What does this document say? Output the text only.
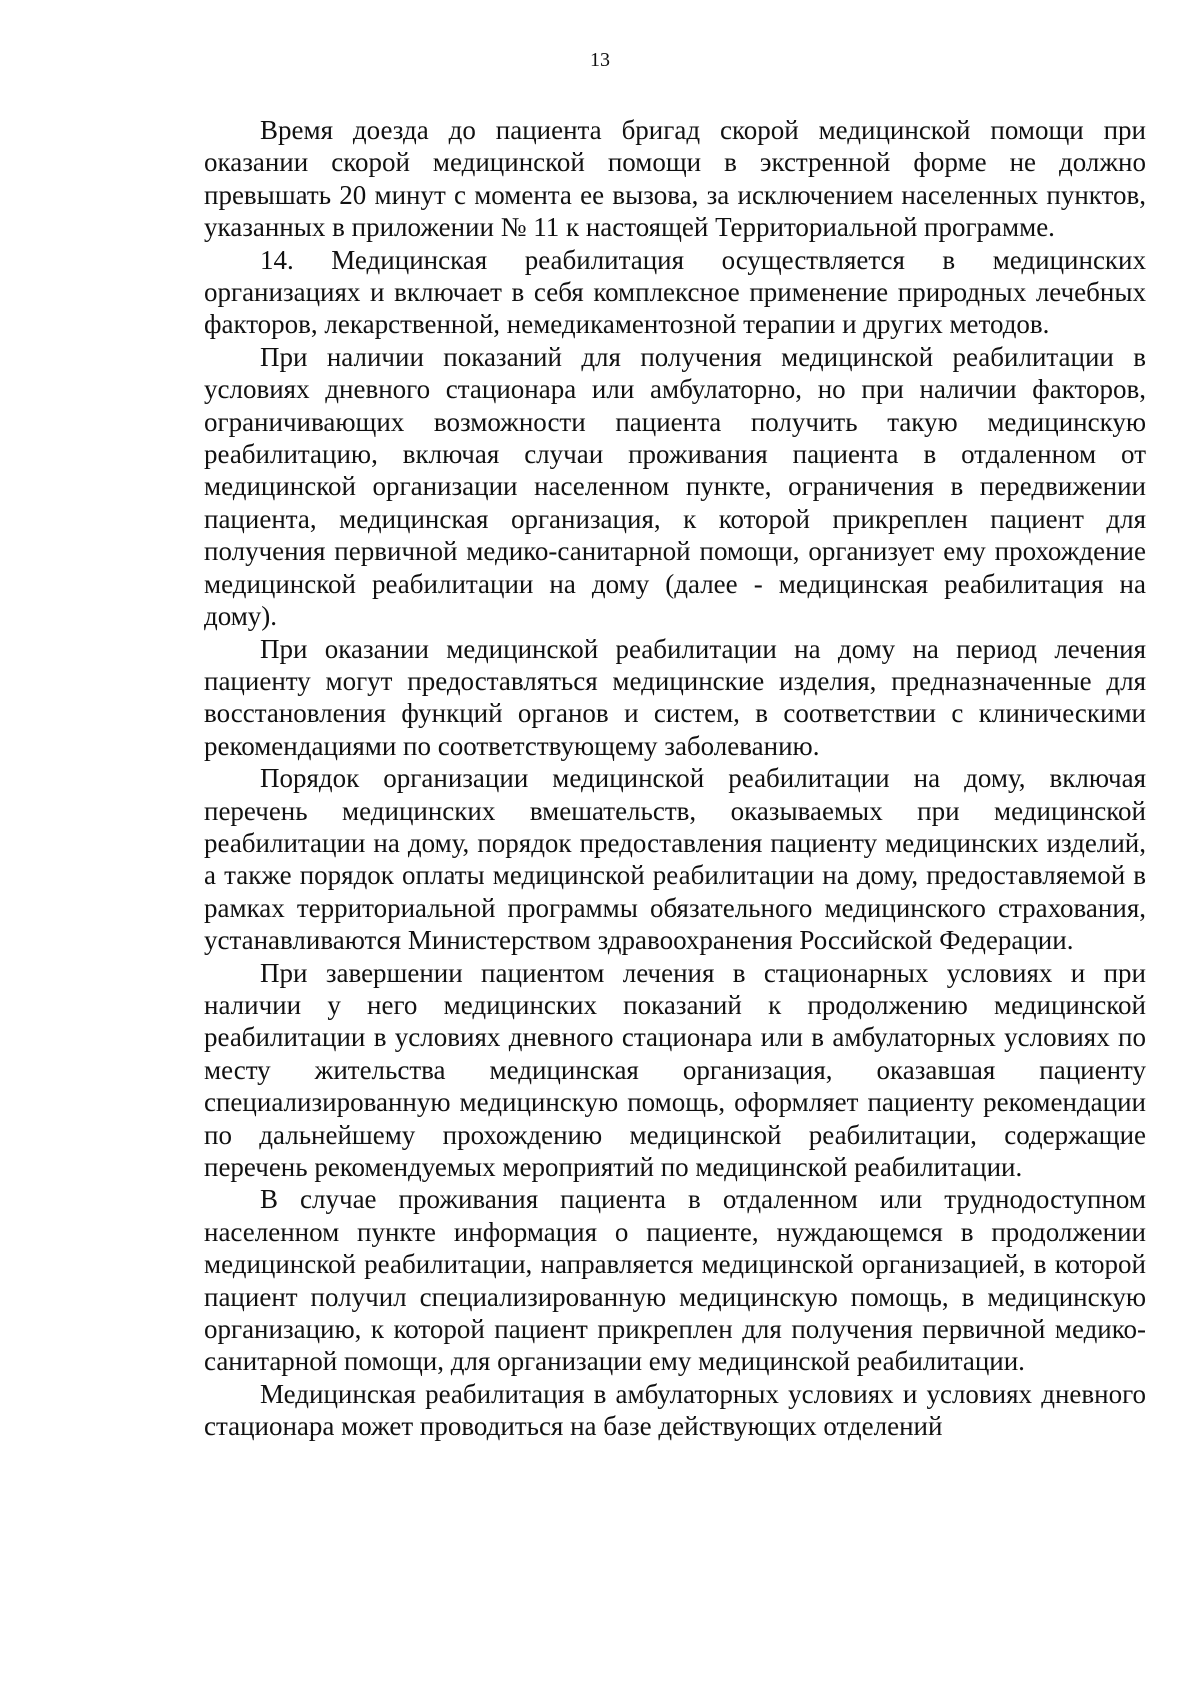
13

Время доезда до пациента бригад скорой медицинской помощи при оказании скорой медицинской помощи в экстренной форме не должно превышать 20 минут с момента ее вызова, за исключением населенных пунктов, указанных в приложении № 11 к настоящей Территориальной программе.

14. Медицинская реабилитация осуществляется в медицинских организациях и включает в себя комплексное применение природных лечебных факторов, лекарственной, немедикаментозной терапии и других методов.

При наличии показаний для получения медицинской реабилитации в условиях дневного стационара или амбулаторно, но при наличии факторов, ограничивающих возможности пациента получить такую медицинскую реабилитацию, включая случаи проживания пациента в отдаленном от медицинской организации населенном пункте, ограничения в передвижении пациента, медицинская организация, к которой прикреплен пациент для получения первичной медико-санитарной помощи, организует ему прохождение медицинской реабилитации на дому (далее - медицинская реабилитация на дому).

При оказании медицинской реабилитации на дому на период лечения пациенту могут предоставляться медицинские изделия, предназначенные для восстановления функций органов и систем, в соответствии с клиническими рекомендациями по соответствующему заболеванию.

Порядок организации медицинской реабилитации на дому, включая перечень медицинских вмешательств, оказываемых при медицинской реабилитации на дому, порядок предоставления пациенту медицинских изделий, а также порядок оплаты медицинской реабилитации на дому, предоставляемой в рамках территориальной программы обязательного медицинского страхования, устанавливаются Министерством здравоохранения Российской Федерации.

При завершении пациентом лечения в стационарных условиях и при наличии у него медицинских показаний к продолжению медицинской реабилитации в условиях дневного стационара или в амбулаторных условиях по месту жительства медицинская организация, оказавшая пациенту специализированную медицинскую помощь, оформляет пациенту рекомендации по дальнейшему прохождению медицинской реабилитации, содержащие перечень рекомендуемых мероприятий по медицинской реабилитации.

В случае проживания пациента в отдаленном или труднодоступном населенном пункте информация о пациенте, нуждающемся в продолжении медицинской реабилитации, направляется медицинской организацией, в которой пациент получил специализированную медицинскую помощь, в медицинскую организацию, к которой пациент прикреплен для получения первичной медико-санитарной помощи, для организации ему медицинской реабилитации.

Медицинская реабилитация в амбулаторных условиях и условиях дневного стационара может проводиться на базе действующих отделений
